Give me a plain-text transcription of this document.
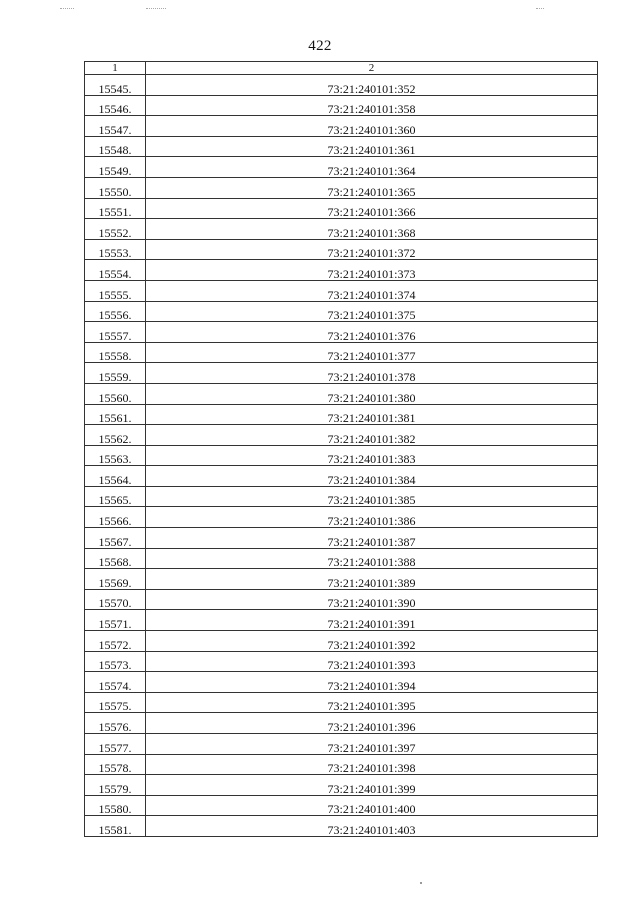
422
1	2
15545.	73:21:240101:352
15546.	73:21:240101:358
15547.	73:21:240101:360
15548.	73:21:240101:361
15549.	73:21:240101:364
15550.	73:21:240101:365
15551.	73:21:240101:366
15552.	73:21:240101:368
15553.	73:21:240101:372
15554.	73:21:240101:373
15555.	73:21:240101:374
15556.	73:21:240101:375
15557.	73:21:240101:376
15558.	73:21:240101:377
15559.	73:21:240101:378
15560.	73:21:240101:380
15561.	73:21:240101:381
15562.	73:21:240101:382
15563.	73:21:240101:383
15564.	73:21:240101:384
15565.	73:21:240101:385
15566.	73:21:240101:386
15567.	73:21:240101:387
15568.	73:21:240101:388
15569.	73:21:240101:389
15570.	73:21:240101:390
15571.	73:21:240101:391
15572.	73:21:240101:392
15573.	73:21:240101:393
15574.	73:21:240101:394
15575.	73:21:240101:395
15576.	73:21:240101:396
15577.	73:21:240101:397
15578.	73:21:240101:398
15579.	73:21:240101:399
15580.	73:21:240101:400
15581.	73:21:240101:403
